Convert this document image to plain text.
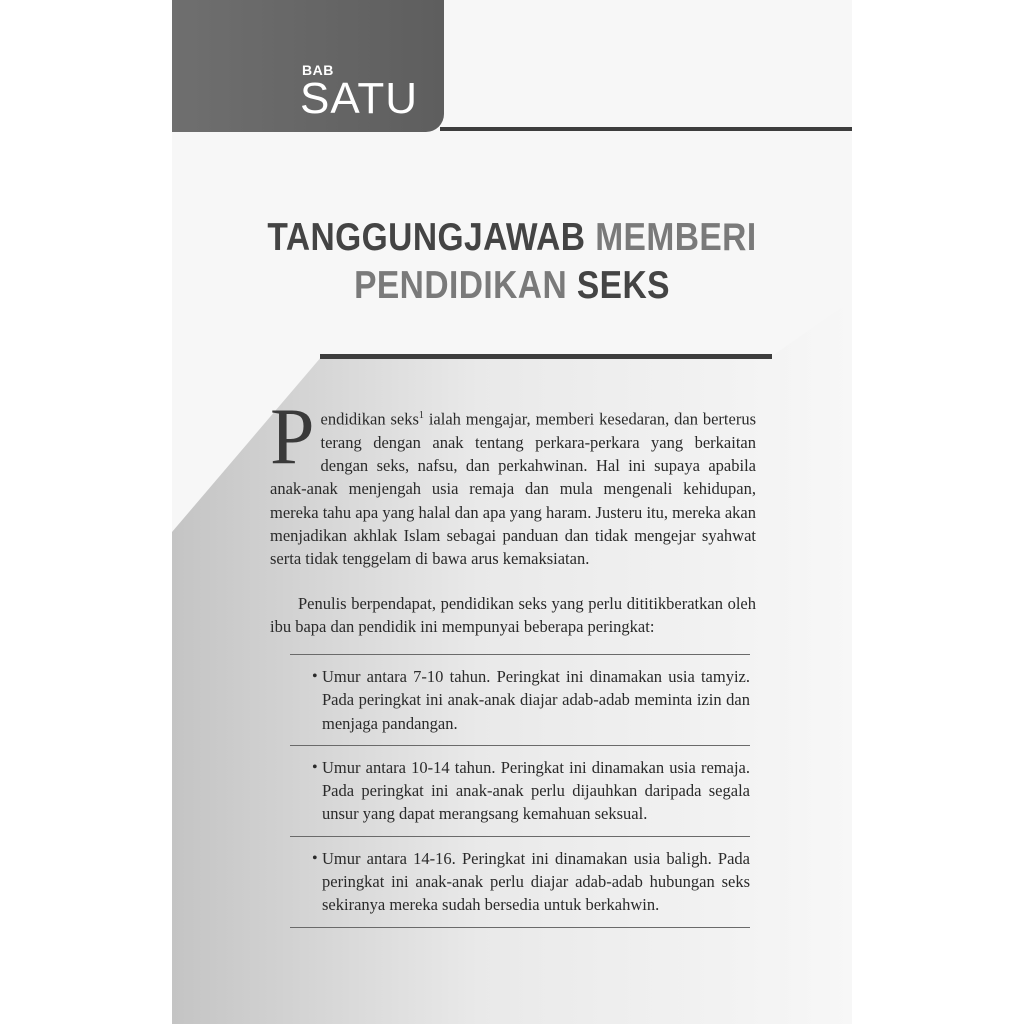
BAB
SATU
TANGGUNGJAWAB MEMBERI
PENDIDIKAN SEKS
Pendidikan seks$^1$ ialah mengajar, memberi kesedaran, dan berterus terang dengan anak tentang perkara-perkara yang berkaitan dengan seks, nafsu, dan perkahwinan. Hal ini supaya apabila anak-anak menjengah usia remaja dan mula mengenali kehidupan, mereka tahu apa yang halal dan apa yang haram. Justeru itu, mereka akan menjadikan akhlak Islam sebagai panduan dan tidak mengejar syahwat serta tidak tenggelam di bawa arus kemaksiatan.
Penulis berpendapat, pendidikan seks yang perlu dititikberatkan oleh ibu bapa dan pendidik ini mempunyai beberapa peringkat:
• Umur antara 7-10 tahun. Peringkat ini dinamakan usia tamyiz. Pada peringkat ini anak-anak diajar adab-adab meminta izin dan menjaga pandangan.
• Umur antara 10-14 tahun. Peringkat ini dinamakan usia remaja. Pada peringkat ini anak-anak perlu dijauhkan daripada segala unsur yang dapat merangsang kemahuan seksual.
• Umur antara 14-16. Peringkat ini dinamakan usia baligh. Pada peringkat ini anak-anak perlu diajar adab-adab hubungan seks sekiranya mereka sudah bersedia untuk berkahwin.
